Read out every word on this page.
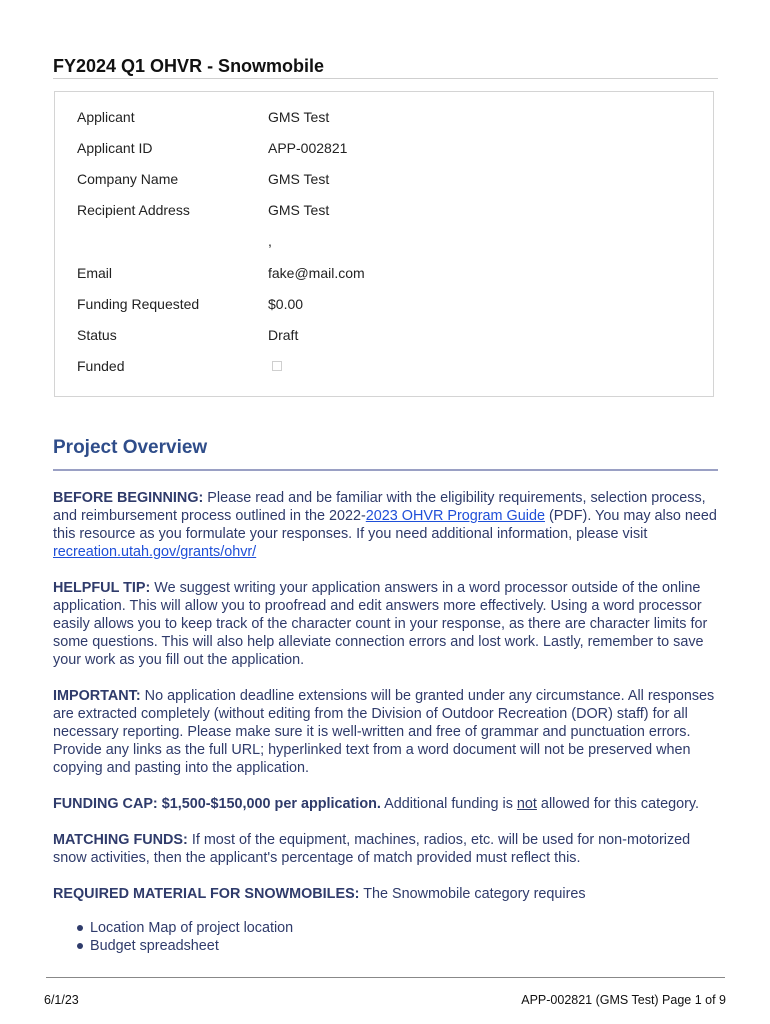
FY2024 Q1 OHVR - Snowmobile
Applicant	GMS Test
Applicant ID	APP-002821
Company Name	GMS Test
Recipient Address	GMS Test
,
Email	fake@mail.com
Funding Requested	$0.00
Status	Draft
Funded
Project Overview

BEFORE BEGINNING: Please read and be familiar with the eligibility requirements, selection process, and reimbursement process outlined in the 2022-2023 OHVR Program Guide (PDF). You may also need this resource as you formulate your responses. If you need additional information, please visit recreation.utah.gov/grants/ohvr/

HELPFUL TIP: We suggest writing your application answers in a word processor outside of the online application. This will allow you to proofread and edit answers more effectively. Using a word processor easily allows you to keep track of the character count in your response, as there are character limits for some questions. This will also help alleviate connection errors and lost work. Lastly, remember to save your work as you fill out the application.

IMPORTANT: No application deadline extensions will be granted under any circumstance. All responses are extracted completely (without editing from the Division of Outdoor Recreation (DOR) staff) for all necessary reporting. Please make sure it is well-written and free of grammar and punctuation errors. Provide any links as the full URL; hyperlinked text from a word document will not be preserved when copying and pasting into the application.

FUNDING CAP: $1,500-$150,000 per application. Additional funding is not allowed for this category.

MATCHING FUNDS: If most of the equipment, machines, radios, etc. will be used for non-motorized snow activities, then the applicant's percentage of match provided must reflect this.

REQUIRED MATERIAL FOR SNOWMOBILES: The Snowmobile category requires

Location Map of project location
Budget spreadsheet
6/1/23	APP-002821 (GMS Test) Page 1 of 9
